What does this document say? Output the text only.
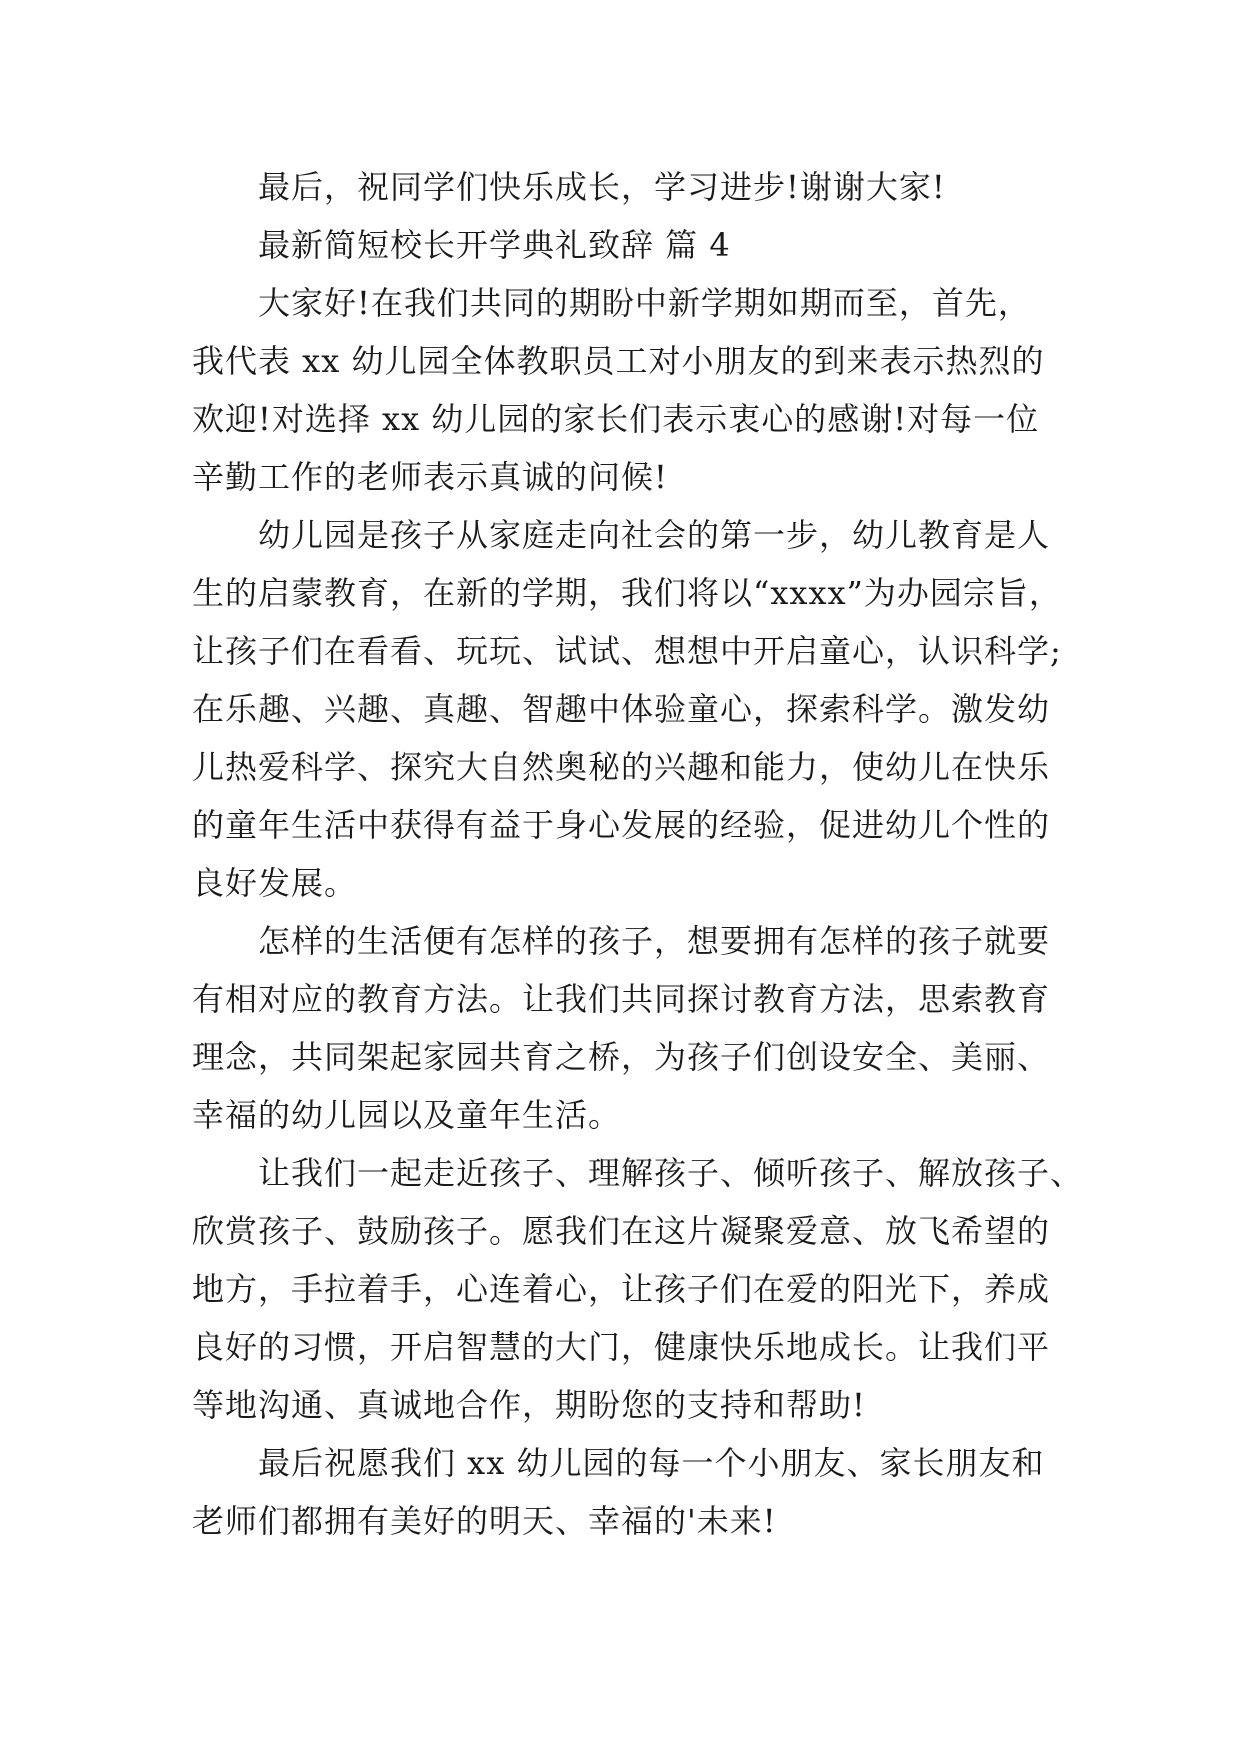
最后，祝同学们快乐成长，学习进步!谢谢大家!
最新简短校长开学典礼致辞 篇 4
大家好!在我们共同的期盼中新学期如期而至，首先，
我代表 xx 幼儿园全体教职员工对小朋友的到来表示热烈的
欢迎!对选择 xx 幼儿园的家长们表示衷心的感谢!对每一位
辛勤工作的老师表示真诚的问候!
幼儿园是孩子从家庭走向社会的第一步，幼儿教育是人
生的启蒙教育，在新的学期，我们将以“xxxx”为办园宗旨，
让孩子们在看看、玩玩、试试、想想中开启童心，认识科学;
在乐趣、兴趣、真趣、智趣中体验童心，探索科学。激发幼
儿热爱科学、探究大自然奥秘的兴趣和能力，使幼儿在快乐
的童年生活中获得有益于身心发展的经验，促进幼儿个性的
良好发展。
怎样的生活便有怎样的孩子，想要拥有怎样的孩子就要
有相对应的教育方法。让我们共同探讨教育方法，思索教育
理念，共同架起家园共育之桥，为孩子们创设安全、美丽、
幸福的幼儿园以及童年生活。
让我们一起走近孩子、理解孩子、倾听孩子、解放孩子、
欣赏孩子、鼓励孩子。愿我们在这片凝聚爱意、放飞希望的
地方，手拉着手，心连着心，让孩子们在爱的阳光下，养成
良好的习惯，开启智慧的大门，健康快乐地成长。让我们平
等地沟通、真诚地合作，期盼您的支持和帮助!
最后祝愿我们 xx 幼儿园的每一个小朋友、家长朋友和
老师们都拥有美好的明天、幸福的'未来!
